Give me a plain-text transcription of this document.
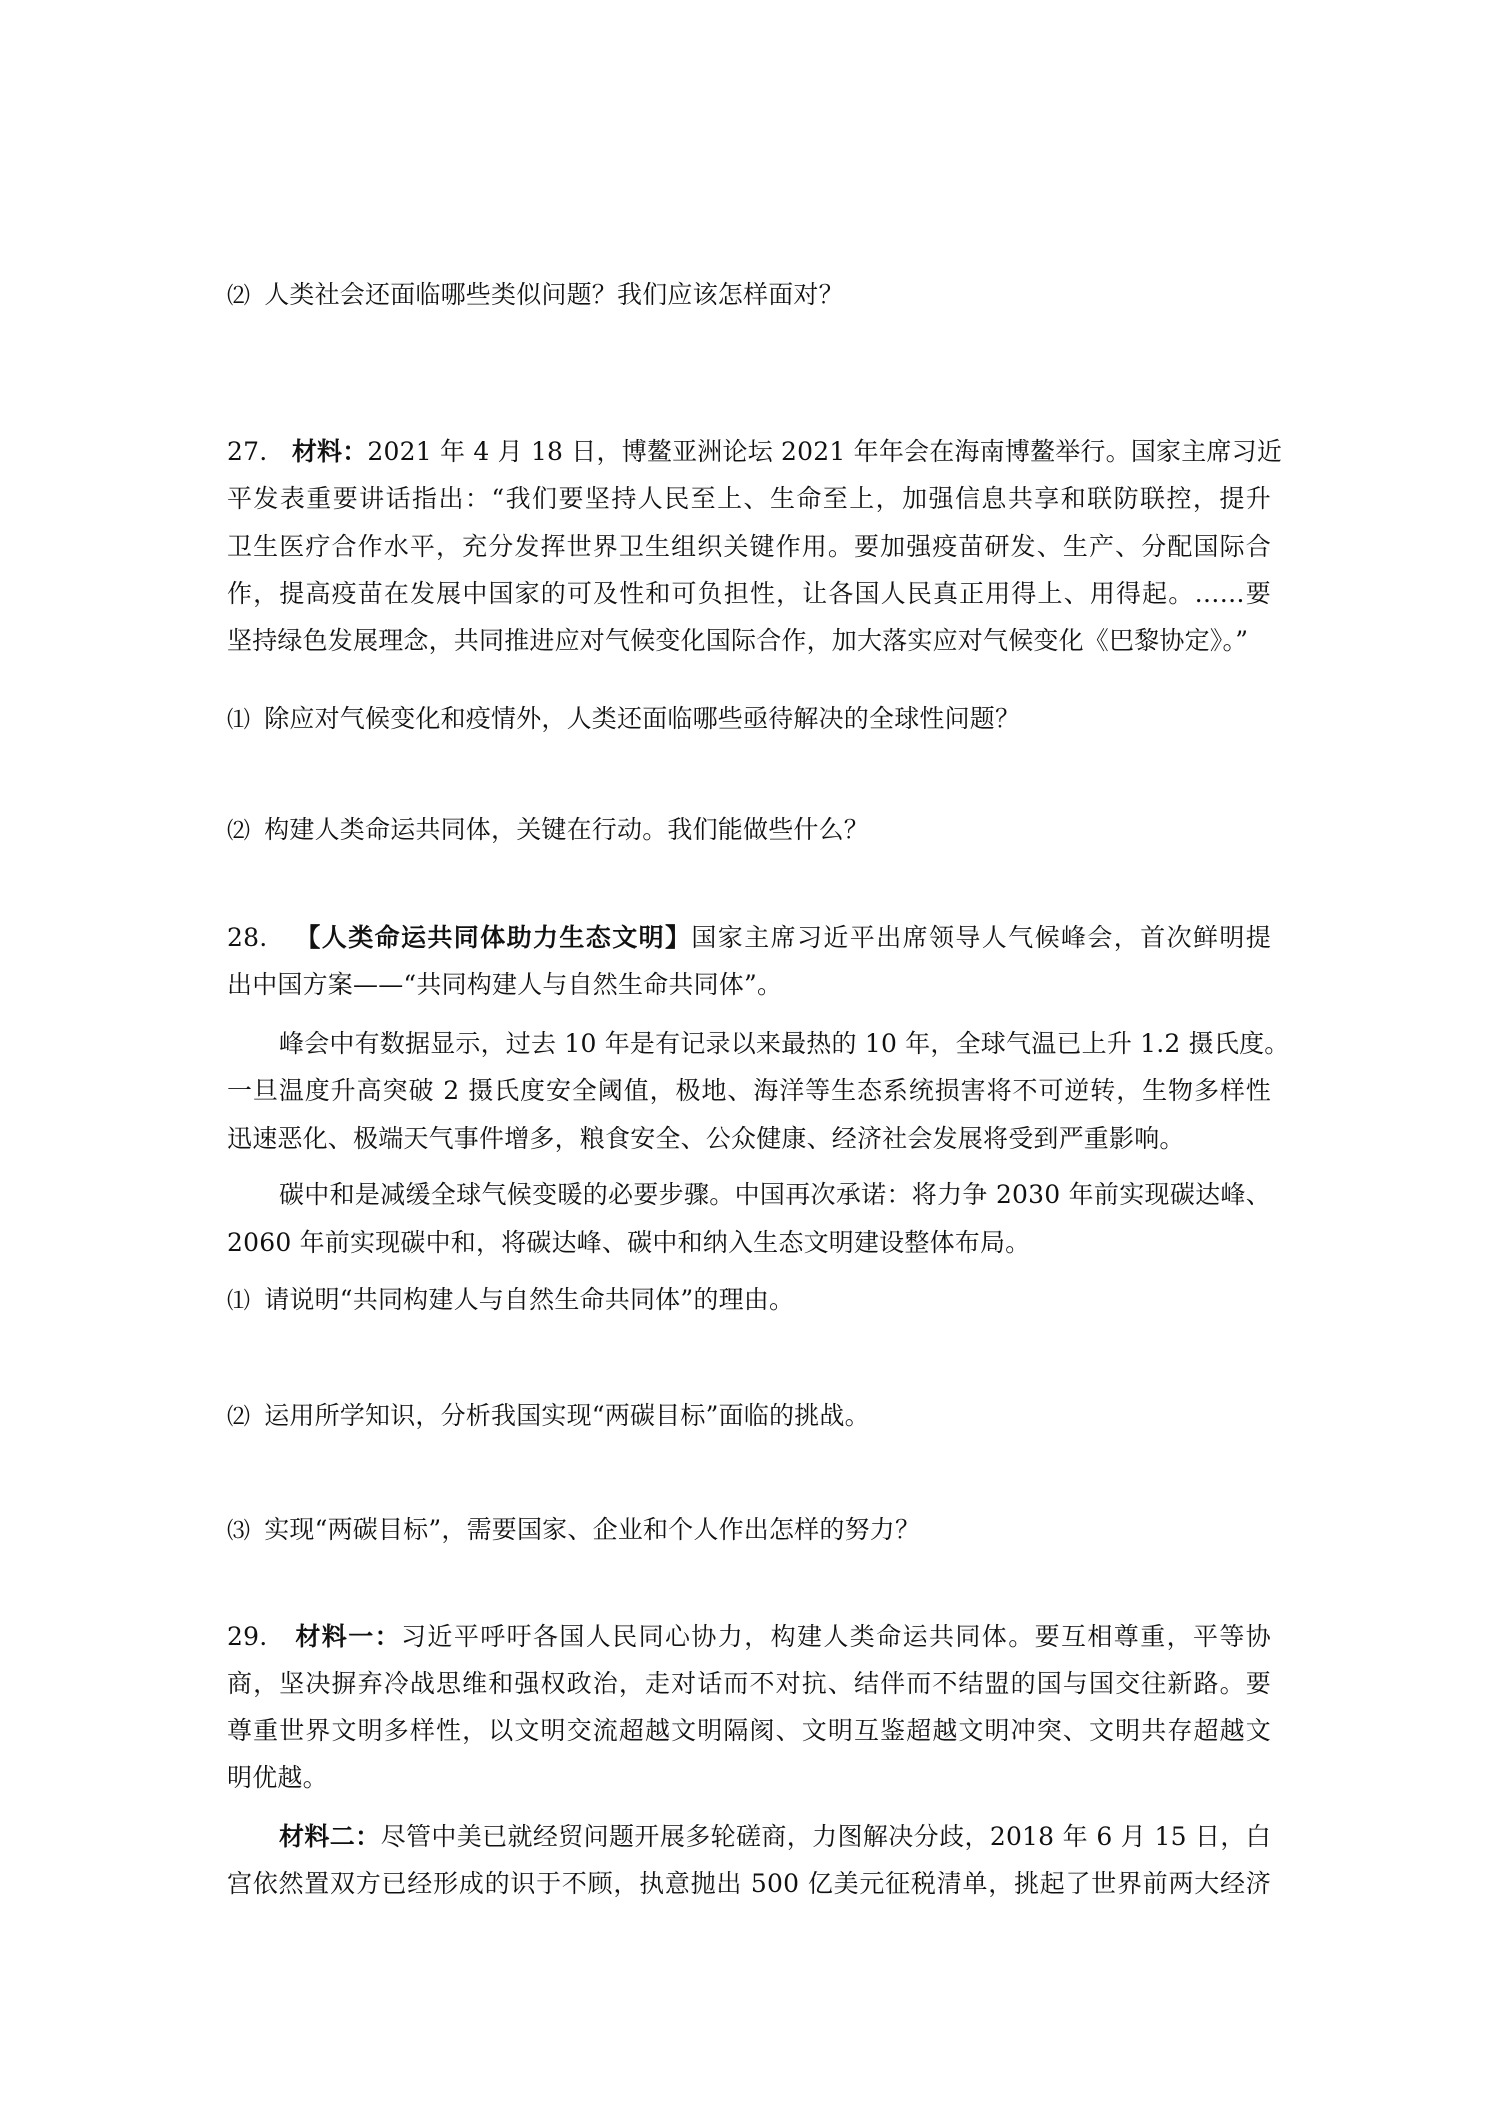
⑵ 人类社会还面临哪些类似问题？我们应该怎样面对？
27. 材料：2021 年 4 月 18 日，博鳌亚洲论坛 2021 年年会在海南博鳌举行。国家主席习近
平发表重要讲话指出：“我们要坚持人民至上、生命至上，加强信息共享和联防联控，提升
卫生医疗合作水平，充分发挥世界卫生组织关键作用。要加强疫苗研发、生产、分配国际合
作，提高疫苗在发展中国家的可及性和可负担性，让各国人民真正用得上、用得起。……要
坚持绿色发展理念，共同推进应对气候变化国际合作，加大落实应对气候变化《巴黎协定》。”
⑴ 除应对气候变化和疫情外，人类还面临哪些亟待解决的全球性问题？
⑵ 构建人类命运共同体，关键在行动。我们能做些什么？
28. 【人类命运共同体助力生态文明】国家主席习近平出席领导人气候峰会，首次鲜明提
出中国方案——“共同构建人与自然生命共同体”。
峰会中有数据显示，过去 10 年是有记录以来最热的 10 年，全球气温已上升 1.2 摄氏度。
一旦温度升高突破 2 摄氏度安全阈值，极地、海洋等生态系统损害将不可逆转，生物多样性
迅速恶化、极端天气事件增多，粮食安全、公众健康、经济社会发展将受到严重影响。
碳中和是减缓全球气候变暖的必要步骤。中国再次承诺：将力争 2030 年前实现碳达峰、
2060 年前实现碳中和，将碳达峰、碳中和纳入生态文明建设整体布局。
⑴ 请说明“共同构建人与自然生命共同体”的理由。
⑵ 运用所学知识，分析我国实现“两碳目标”面临的挑战。
⑶ 实现“两碳目标”，需要国家、企业和个人作出怎样的努力？
29. 材料一：习近平呼吁各国人民同心协力，构建人类命运共同体。要互相尊重，平等协
商，坚决摒弃冷战思维和强权政治，走对话而不对抗、结伴而不结盟的国与国交往新路。要
尊重世界文明多样性，以文明交流超越文明隔阂、文明互鉴超越文明冲突、文明共存超越文
明优越。
材料二：尽管中美已就经贸问题开展多轮磋商，力图解决分歧，2018 年 6 月 15 日，白
宫依然置双方已经形成的识于不顾，执意抛出 500 亿美元征税清单，挑起了世界前两大经济
